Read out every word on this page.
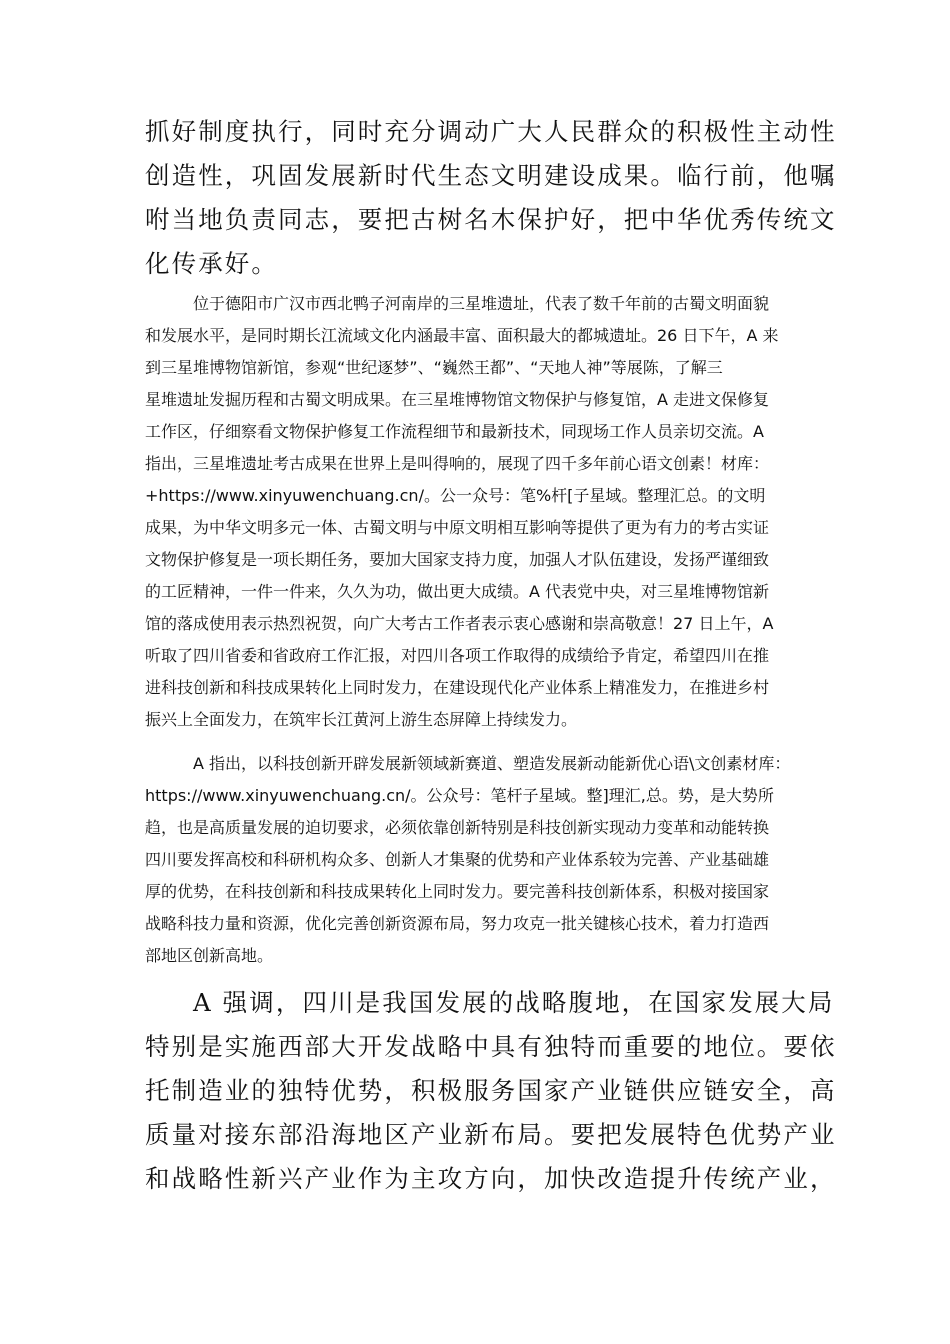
抓好制度执行，同时充分调动广大人民群众的积极性主动性

创造性，巩固发展新时代生态文明建设成果。临行前，他嘱

咐当地负责同志，要把古树名木保护好，把中华优秀传统文

化传承好。

位于德阳市广汉市西北鸭子河南岸的三星堆遗址，代表了数千年前的古蜀文明面貌

和发展水平，是同时期长江流域文化内涵最丰富、面积最大的都城遗址。26 日下午，A 来

到三星堆博物馆新馆，参观“世纪逐梦”、“巍然王都”、“天地人神”等展陈，了解三

星堆遗址发掘历程和古蜀文明成果。在三星堆博物馆文物保护与修复馆，A 走进文保修复

工作区，仔细察看文物保护修复工作流程细节和最新技术，同现场工作人员亲切交流。A

指出，三星堆遗址考古成果在世界上是叫得响的，展现了四千多年前心语文创素！材库：

+https://www.xinyuwenchuang.cn/。公一众号：笔%杆[子星域。整理汇总。的文明

成果，为中华文明多元一体、古蜀文明与中原文明相互影响等提供了更为有力的考古实证

文物保护修复是一项长期任务，要加大国家支持力度，加强人才队伍建设，发扬严谨细致

的工匠精神，一件一件来，久久为功，做出更大成绩。A 代表党中央，对三星堆博物馆新

馆的落成使用表示热烈祝贺，向广大考古工作者表示衷心感谢和崇高敬意！27 日上午，A

听取了四川省委和省政府工作汇报，对四川各项工作取得的成绩给予肯定，希望四川在推

进科技创新和科技成果转化上同时发力，在建设现代化产业体系上精准发力，在推进乡村

振兴上全面发力，在筑牢长江黄河上游生态屏障上持续发力。

A 指出，以科技创新开辟发展新领域新赛道、塑造发展新动能新优心语\文创素材库：

https://www.xinyuwenchuang.cn/。公众号：笔杆子星域。整]理汇,总。势，是大势所

趋，也是高质量发展的迫切要求，必须依靠创新特别是科技创新实现动力变革和动能转换

四川要发挥高校和科研机构众多、创新人才集聚的优势和产业体系较为完善、产业基础雄

厚的优势，在科技创新和科技成果转化上同时发力。要完善科技创新体系，积极对接国家

战略科技力量和资源，优化完善创新资源布局，努力攻克一批关键核心技术，着力打造西

部地区创新高地。

A 强调，四川是我国发展的战略腹地，在国家发展大局

特别是实施西部大开发战略中具有独特而重要的地位。要依

托制造业的独特优势，积极服务国家产业链供应链安全，高

质量对接东部沿海地区产业新布局。要把发展特色优势产业

和战略性新兴产业作为主攻方向，加快改造提升传统产业，
